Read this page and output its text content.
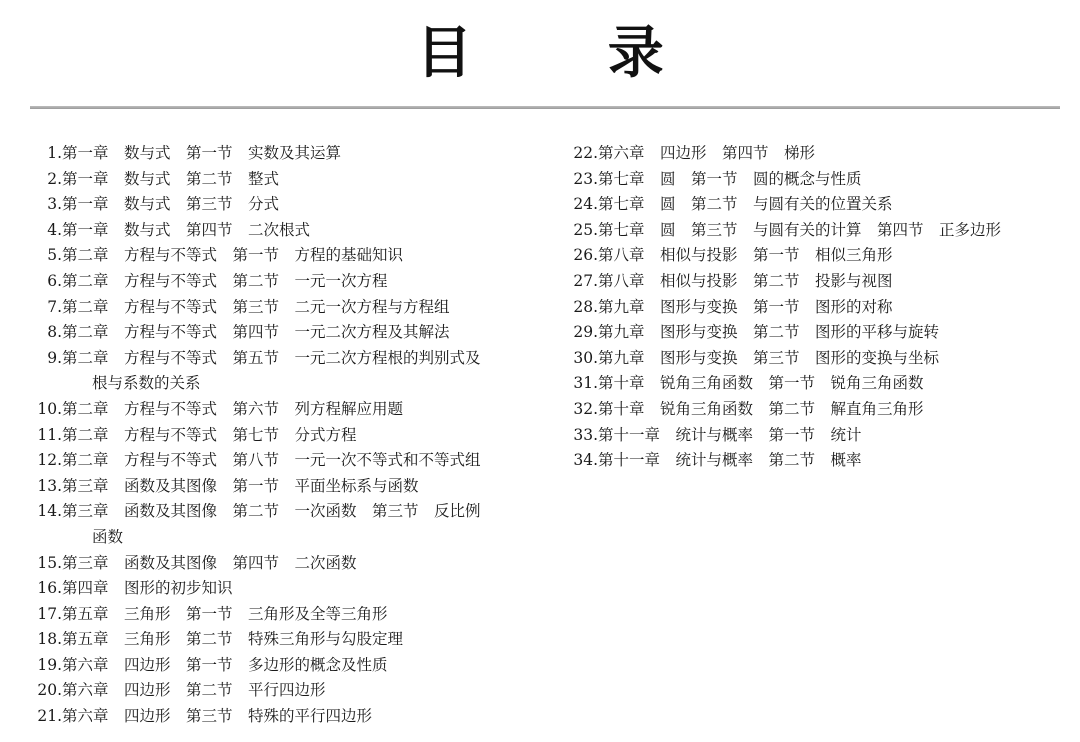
目 录
1. 第一章　数与式　第一节　实数及其运算
2. 第一章　数与式　第二节　整式
3. 第一章　数与式　第三节　分式
4. 第一章　数与式　第四节　二次根式
5. 第二章　方程与不等式　第一节　方程的基础知识
6. 第二章　方程与不等式　第二节　一元一次方程
7. 第二章　方程与不等式　第三节　二元一次方程与方程组
8. 第二章　方程与不等式　第四节　一元二次方程及其解法
9. 第二章　方程与不等式　第五节　一元二次方程根的判别式及
根与系数的关系
10. 第二章　方程与不等式　第六节　列方程解应用题
11. 第二章　方程与不等式　第七节　分式方程
12. 第二章　方程与不等式　第八节　一元一次不等式和不等式组
13. 第三章　函数及其图像　第一节　平面坐标系与函数
14. 第三章　函数及其图像　第二节　一次函数　第三节　反比例
函数
15. 第三章　函数及其图像　第四节　二次函数
16. 第四章　图形的初步知识
17. 第五章　三角形　第一节　三角形及全等三角形
18. 第五章　三角形　第二节　特殊三角形与勾股定理
19. 第六章　四边形　第一节　多边形的概念及性质
20. 第六章　四边形　第二节　平行四边形
21. 第六章　四边形　第三节　特殊的平行四边形
22. 第六章　四边形　第四节　梯形
23. 第七章　圆　第一节　圆的概念与性质
24. 第七章　圆　第二节　与圆有关的位置关系
25. 第七章　圆　第三节　与圆有关的计算　第四节　正多边形
26. 第八章　相似与投影　第一节　相似三角形
27. 第八章　相似与投影　第二节　投影与视图
28. 第九章　图形与变换　第一节　图形的对称
29. 第九章　图形与变换　第二节　图形的平移与旋转
30. 第九章　图形与变换　第三节　图形的变换与坐标
31. 第十章　锐角三角函数　第一节　锐角三角函数
32. 第十章　锐角三角函数　第二节　解直角三角形
33. 第十一章　统计与概率　第一节　统计
34. 第十一章　统计与概率　第二节　概率
